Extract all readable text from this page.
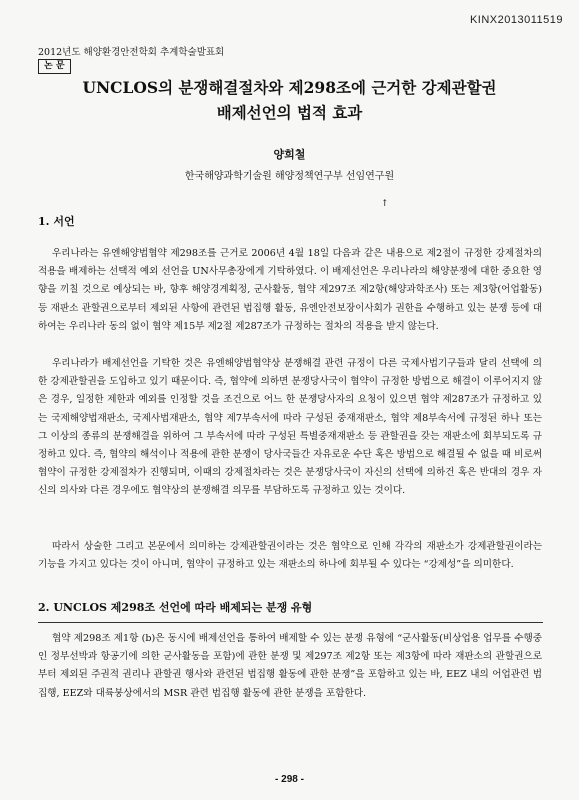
KINX2013011519
2012년도 해양환경안전학회 추계학술발표회
논 문
UNCLOS의 분쟁해결절차와 제298조에 근거한 강제관할권
배제선언의 법적 효과
양희철
한국해양과학기술원 해양정책연구부 선임연구원
↑
1. 서언

우리나라는 유엔해양법협약 제298조를 근거로 2006년 4월 18일 다음과 같은 내용으로 제2절이 규정한 강제절차의 적용을 배제하는 선택적 예외 선언을 UN사무총장에게 기탁하였다. 이 배제선언은 우리나라의 해양분쟁에 대한 중요한 영향을 끼칠 것으로 예상되는 바, 향후 해양경계획정, 군사활동, 협약 제297조 제2항(해양과학조사) 또는 제3항(어업활동) 등 재판소 관할권으로부터 제외된 사항에 관련된 법집행 활동, 유엔안전보장이사회가 권한을 수행하고 있는 분쟁 등에 대하여는 우리나라 동의 없이 협약 제15부 제2절 제287조가 규정하는 절차의 적용을 받지 않는다.

우리나라가 배제선언을 기탁한 것은 유엔해양법협약상 분쟁해결 관련 규정이 다른 국제사법기구들과 달리 선택에 의한 강제관할권을 도입하고 있기 때문이다. 즉, 협약에 의하면 분쟁당사국이 협약이 규정한 방법으로 해결이 이루어지지 않은 경우, 일정한 제한과 예외를 인정할 것을 조건으로 어느 한 분쟁당사자의 요청이 있으면 협약 제287조가 규정하고 있는 국제해양법재판소, 국제사법재판소, 협약 제7부속서에 따라 구성된 중재재판소, 협약 제8부속서에 규정된 하나 또는 그 이상의 종류의 분쟁해결을 위하여 그 부속서에 따라 구성된 특별중재재판소 등 관할권을 갖는 재판소에 회부되도록 규정하고 있다. 즉, 협약의 해석이나 적용에 관한 분쟁이 당사국들간 자유로운 수단 혹은 방법으로 해결될 수 없을 때 비로써 협약이 규정한 강제절차가 진행되며, 이때의 강제절차라는 것은 분쟁당사국이 자신의 선택에 의하건 혹은 반대의 경우 자신의 의사와 다른 경우에도 협약상의 분쟁해결 의무를 부담하도록 규정하고 있는 것이다.

따라서 상술한 그리고 본문에서 의미하는 강제관할권이라는 것은 협약으로 인해 각각의 재판소가 강제관할권이라는 기능을 가지고 있다는 것이 아니며, 협약이 규정하고 있는 재판소의 하나에 회부될 수 있다는 “강제성”을 의미한다.

2. UNCLOS 제298조 선언에 따라 배제되는 분쟁 유형

협약 제298조 제1항 (b)은 동시에 배제선언을 통하여 배제할 수 있는 분쟁 유형에 “군사활동(비상업용 업무를 수행중인 정부선박과 항공기에 의한 군사활동을 포함)에 관한 분쟁 및 제297조 제2항 또는 제3항에 따라 재판소의 관할권으로부터 제외된 주권적 권리나 관할권 행사와 관련된 법집행 활동에 관한 분쟁”을 포함하고 있는 바, EEZ 내의 어업관련 법집행, EEZ와 대륙붕상에서의 MSR 관련 법집행 활동에 관한 분쟁을 포함한다.

- 298 -
